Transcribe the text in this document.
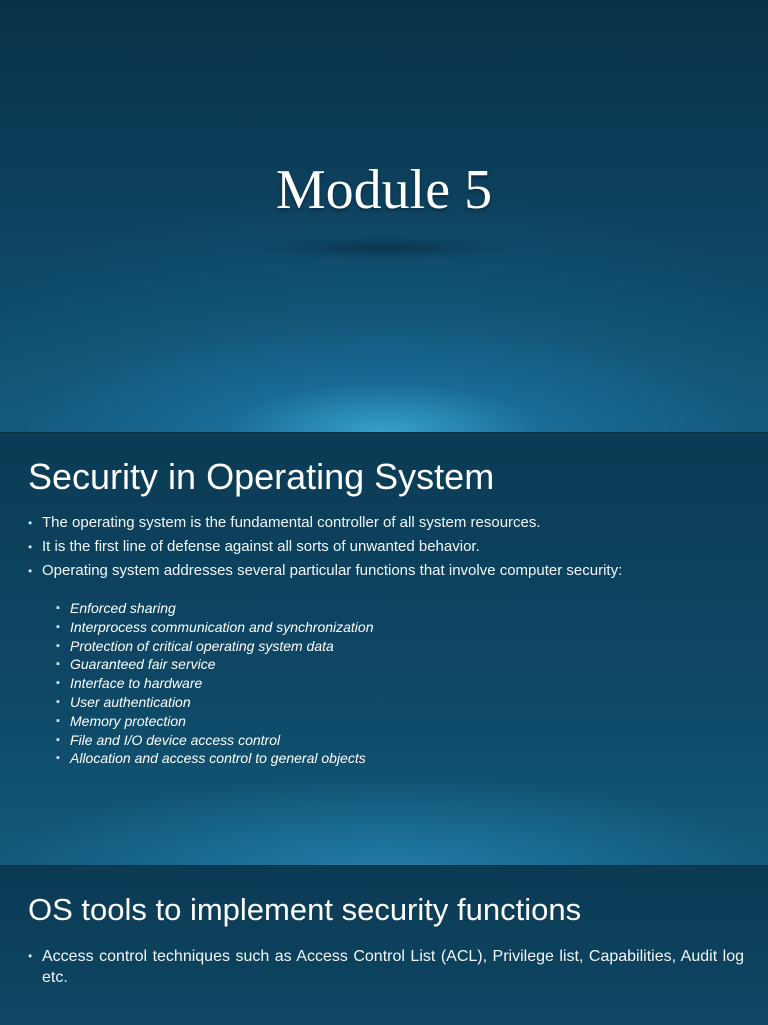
Module 5
Security in Operating System
• The operating system is the fundamental controller of all system resources.
• It is the first line of defense against all sorts of unwanted behavior.
• Operating system addresses several particular functions that involve computer security:
▪ Enforced sharing
▪ Interprocess communication and synchronization
▪ Protection of critical operating system data
▪ Guaranteed fair service
▪ Interface to hardware
▪ User authentication
▪ Memory protection
▪ File and I/O device access control
▪ Allocation and access control to general objects
OS tools to implement security functions
• Access control techniques such as Access Control List (ACL), Privilege list, Capabilities, Audit log etc.
